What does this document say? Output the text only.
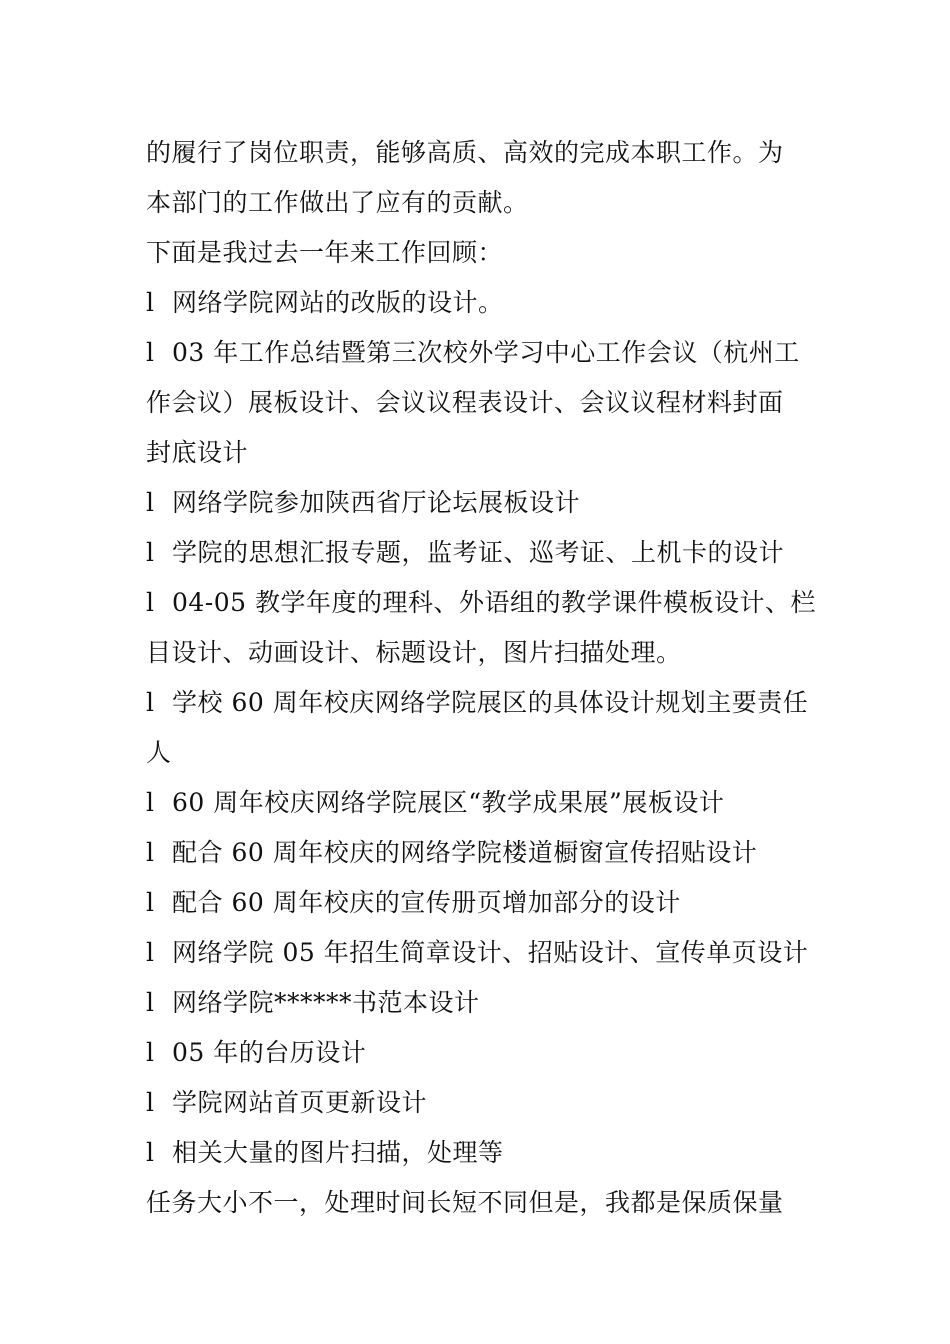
的履行了岗位职责，能够高质、高效的完成本职工作。为
本部门的工作做出了应有的贡献。
下面是我过去一年来工作回顾：
l 网络学院网站的改版的设计。
l 03 年工作总结暨第三次校外学习中心工作会议（杭州工
作会议）展板设计、会议议程表设计、会议议程材料封面
封底设计
l 网络学院参加陕西省厅论坛展板设计
l 学院的思想汇报专题，监考证、巡考证、上机卡的设计
l 04-05 教学年度的理科、外语组的教学课件模板设计、栏
目设计、动画设计、标题设计，图片扫描处理。
l 学校 60 周年校庆网络学院展区的具体设计规划主要责任
人
l 60 周年校庆网络学院展区“教学成果展”展板设计
l 配合 60 周年校庆的网络学院楼道橱窗宣传招贴设计
l 配合 60 周年校庆的宣传册页增加部分的设计
l 网络学院 05 年招生简章设计、招贴设计、宣传单页设计
l 网络学院******书范本设计
l 05 年的台历设计
l 学院网站首页更新设计
l 相关大量的图片扫描，处理等
任务大小不一，处理时间长短不同但是，我都是保质保量
